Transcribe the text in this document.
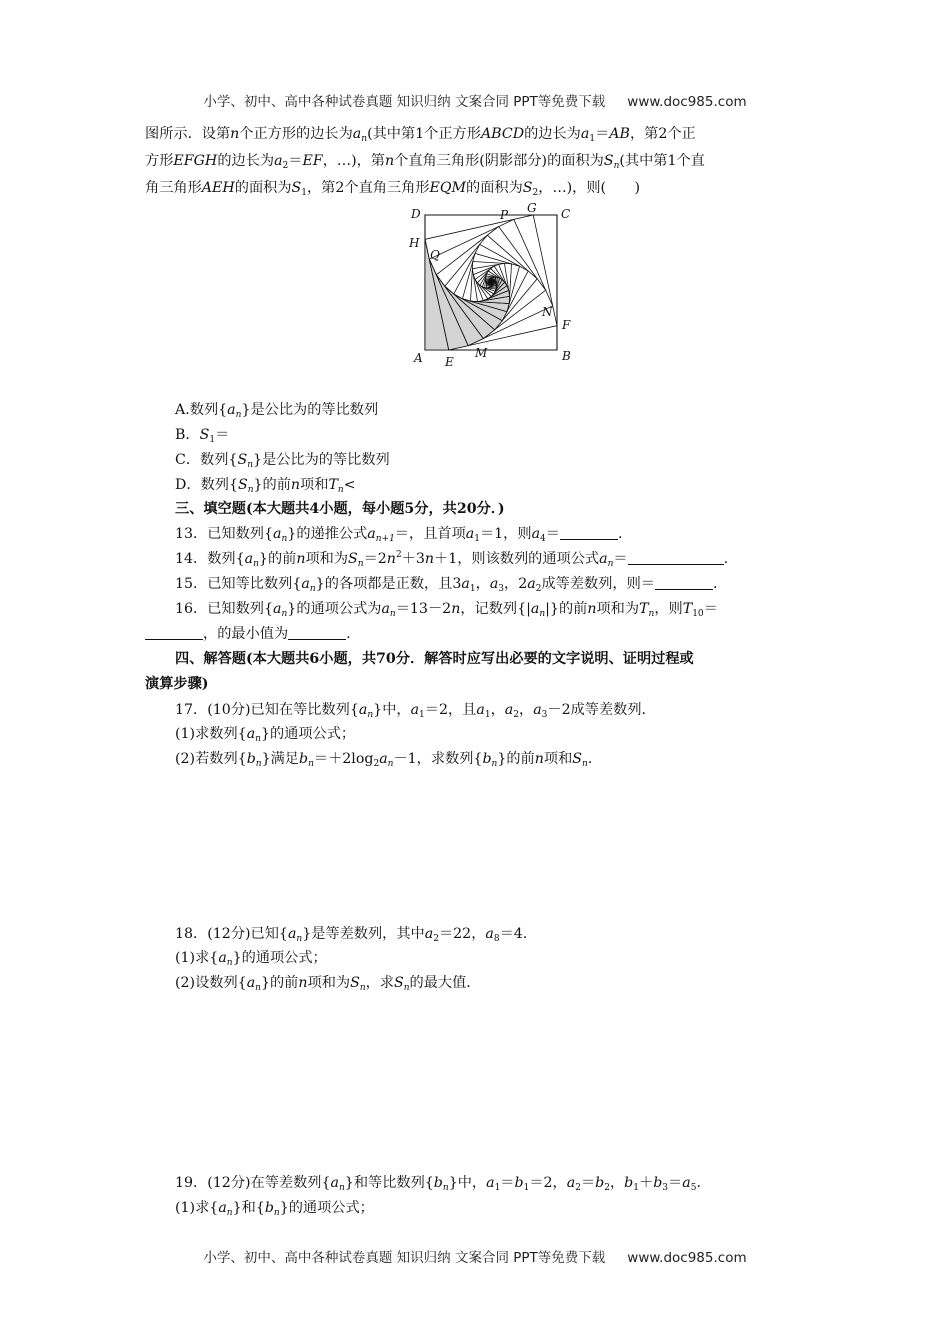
小学、初中、高中各种试卷真题 知识归纳 文案合同 PPT等免费下载 www.doc985.com
图所示．设第n个正方形的边长为$a_n$(其中第1个正方形ABCD的边长为$a_1=AB$，第2个正
方形EFGH的边长为$a_2=EF$，…)，第n个直角三角形(阴影部分)的面积为$S_n$(其中第1个直
角三角形AEH的面积为$S_1$，第2个直角三角形EQM的面积为$S_2$，…)，则(　　)
D	P G C
H
Q
N
F
A E
M	B
A.数列$\{a_n\}$是公比为的等比数列
B．$S_1=$
C．数列$\{S_n\}$是公比为的等比数列
D．数列$\{S_n\}$的前n项和$T_n<$
三、填空题(本大题共4小题，每小题5分，共20分．)
13．已知数列$\{a_n\}$的递推公式$a_{n+1}=$，且首项$a_1=1$，则$a_4=$	.
14．数列$\{a_n\}$的前n项和为$S_n=2n^2+3n+1$，则该数列的通项公式$a_n=$	.
15．已知等比数列$\{a_n\}$的各项都是正数，且$3a_1$，$a_3$，$2a_2$成等差数列，则＝	.
16．已知数列$\{a_n\}$的通项公式为$a_n=13-2n$，记数列$\{|a_n|\}$的前n项和为$T_n$，则$T_{10}=$
，的最小值为	.
四、解答题(本大题共6小题，共70分．解答时应写出必要的文字说明、证明过程或
演算步骤)
17．(10分)已知在等比数列$\{a_n\}$中，$a_1=2$，且$a_1$，$a_2$，$a_3-2$成等差数列．
(1)求数列$\{a_n\}$的通项公式；
(2)若数列$\{b_n\}$满足$b_n=+2\log_2a_n-1$，求数列$\{b_n\}$的前n项和$S_n$.
18．(12分)已知$\{a_n\}$是等差数列，其中$a_2=22$，$a_8=4$.
(1)求$\{a_n\}$的通项公式；
(2)设数列$\{a_n\}$的前n项和为$S_n$，求$S_n$的最大值．
19．(12分)在等差数列$\{a_n\}$和等比数列$\{b_n\}$中，$a_1=b_1=2$，$a_2=b_2$，$b_1+b_3=a_5$.
(1)求$\{a_n\}$和$\{b_n\}$的通项公式；
小学、初中、高中各种试卷真题 知识归纳 文案合同 PPT等免费下载 www.doc985.com
